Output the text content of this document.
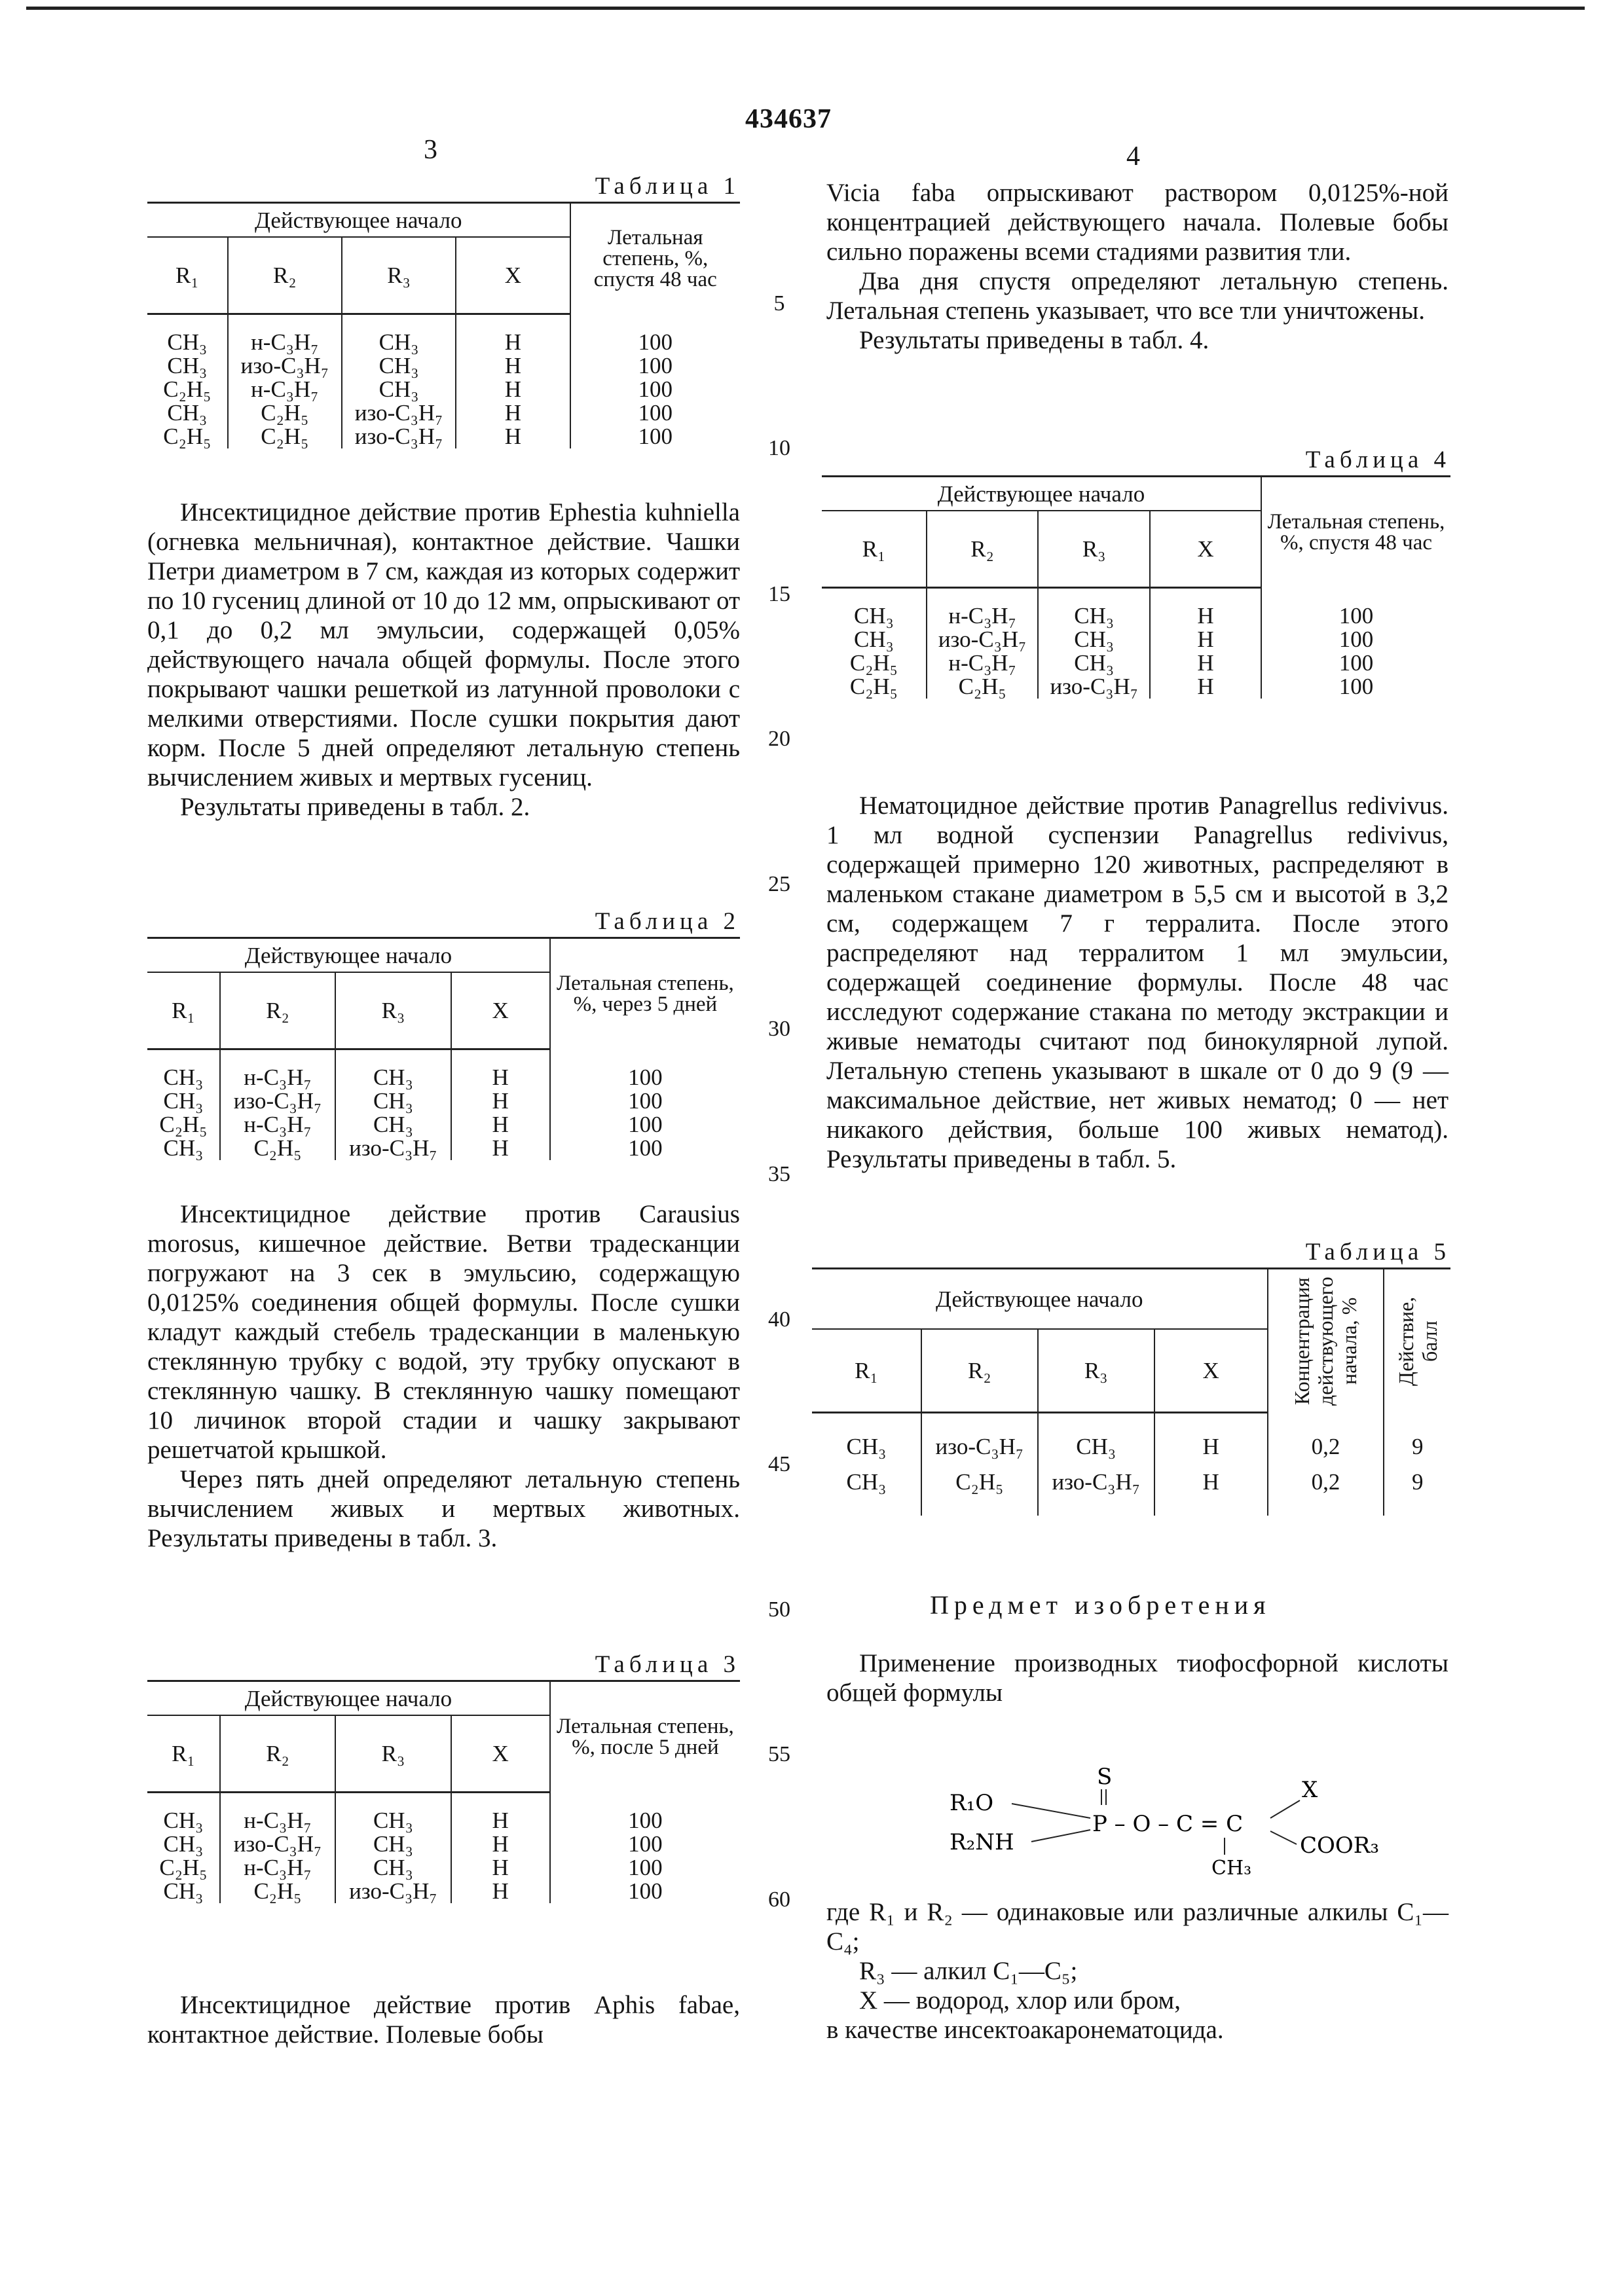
434637
3	4
5
10
15
20
25
30
35
40
45
50
55
60
Таблица 1
Действующее начало				Летальная степень, %, спустя 48 час
R₁	R₂	R₃	X	

CH₃	н-C₃H₇	CH₃	H	100
CH₃	изо-C₃H₇	CH₃	H	100
C₂H₅	н-C₃H₇	CH₃	H	100
CH₃	C₂H₅	изо-C₃H₇	H	100
C₂H₅	C₂H₅	изо-C₃H₇	H	100

Инсектицидное действие против Ephestia kuhniella (огневка мельничная), контактное действие. Чашки Петри диаметром в 7 см, каждая из которых содержит по 10 гусениц длиной от 10 до 12 мм, опрыскивают от 0,1 до 0,2 мл эмульсии, содержащей 0,05% действующего начала общей формулы. После этого покрывают чашки решеткой из латунной проволоки с мелкими отверстиями. После сушки покрытия дают корм. После 5 дней определяют летальную степень вычислением живых и мертвых гусениц.

Результаты приведены в табл. 2.

Таблица 2
Действующее начало				Летальная степень, %, через 5 дней
R₁	R₂	R₃	X	

CH₃	н-C₃H₇	CH₃	H	100
CH₃	изо-C₃H₇	CH₃	H	100
C₂H₅	н-C₃H₇	CH₃	H	100
CH₃	C₂H₅	изо-C₃H₇	H	100

Инсектицидное действие против Carausius morosus, кишечное действие. Ветви традесканции погружают на 3 сек в эмульсию, содержащую 0,0125% соединения общей формулы. После сушки кладут каждый стебель традесканции в маленькую стеклянную трубку с водой, эту трубку опускают в стеклянную чашку. В стеклянную чашку помещают 10 личинок второй стадии и чашку закрывают решетчатой крышкой.

Через пять дней определяют летальную степень вычислением живых и мертвых животных. Результаты приведены в табл. 3.

Таблица 3
Действующее начало				Летальная степень, %, после 5 дней
R₁	R₂	R₃	X	

CH₃	н-C₃H₇	CH₃	H	100
CH₃	изо-C₃H₇	CH₃	H	100
C₂H₅	н-C₃H₇	CH₃	H	100
CH₃	C₂H₅	изо-C₃H₇	H	100

Инсектицидное действие против Aphis fabae, контактное действие. Полевые бобы

Vicia faba опрыскивают раствором 0,0125%-ной концентрацией действующего начала. Полевые бобы сильно поражены всеми стадиями развития тли.

Два дня спустя определяют летальную степень. Летальная степень указывает, что все тли уничтожены.

Результаты приведены в табл. 4.

Таблица 4
Действующее начало				Летальная степень, %, спустя 48 час
R₁	R₂	R₃	X	

CH₃	н-C₃H₇	CH₃	H	100
CH₃	изо-C₃H₇	CH₃	H	100
C₂H₅	н-C₃H₇	CH₃	H	100
C₂H₅	C₂H₅	изо-C₃H₇	H	100

Нематоцидное действие против Panagrellus redivivus. 1 мл водной суспензии Panagrellus redivivus, содержащей примерно 120 животных, распределяют в маленьком стакане диаметром в 5,5 см и высотой в 3,2 см, содержащем 7 г терралита. После этого распределяют над терралитом 1 мл эмульсии, содержащей соединение формулы. После 48 час исследуют содержание стакана по методу экстракции и живые нематоды считают под бинокулярной лупой. Летальную степень указывают в шкале от 0 до 9 (9 — максимальное действие, нет живых нематод; 0 — нет никакого действия, больше 100 живых нематод). Результаты приведены в табл. 5.

Таблица 5
Действующее начало				Концентрация действующего начала, %	Действие, балл

R₁	R₂	R₃	X		

CH₃	изо-C₃H₇	CH₃	H	0,2	9
CH₃	C₂H₅	изо-C₃H₇	H	0,2	9

Предмет изобретения

Применение производных тиофосфорной кислоты общей формулы

S
R₁O
R₂NH
P – O – C = C
X
COOR₃
CH₃

где R₁ и R₂ — одинаковые или различные алкилы C₁—C₄;

R₃ — алкил C₁—C₅;

X — водород, хлор или бром,

в качестве инсектоакаронематоцида.
